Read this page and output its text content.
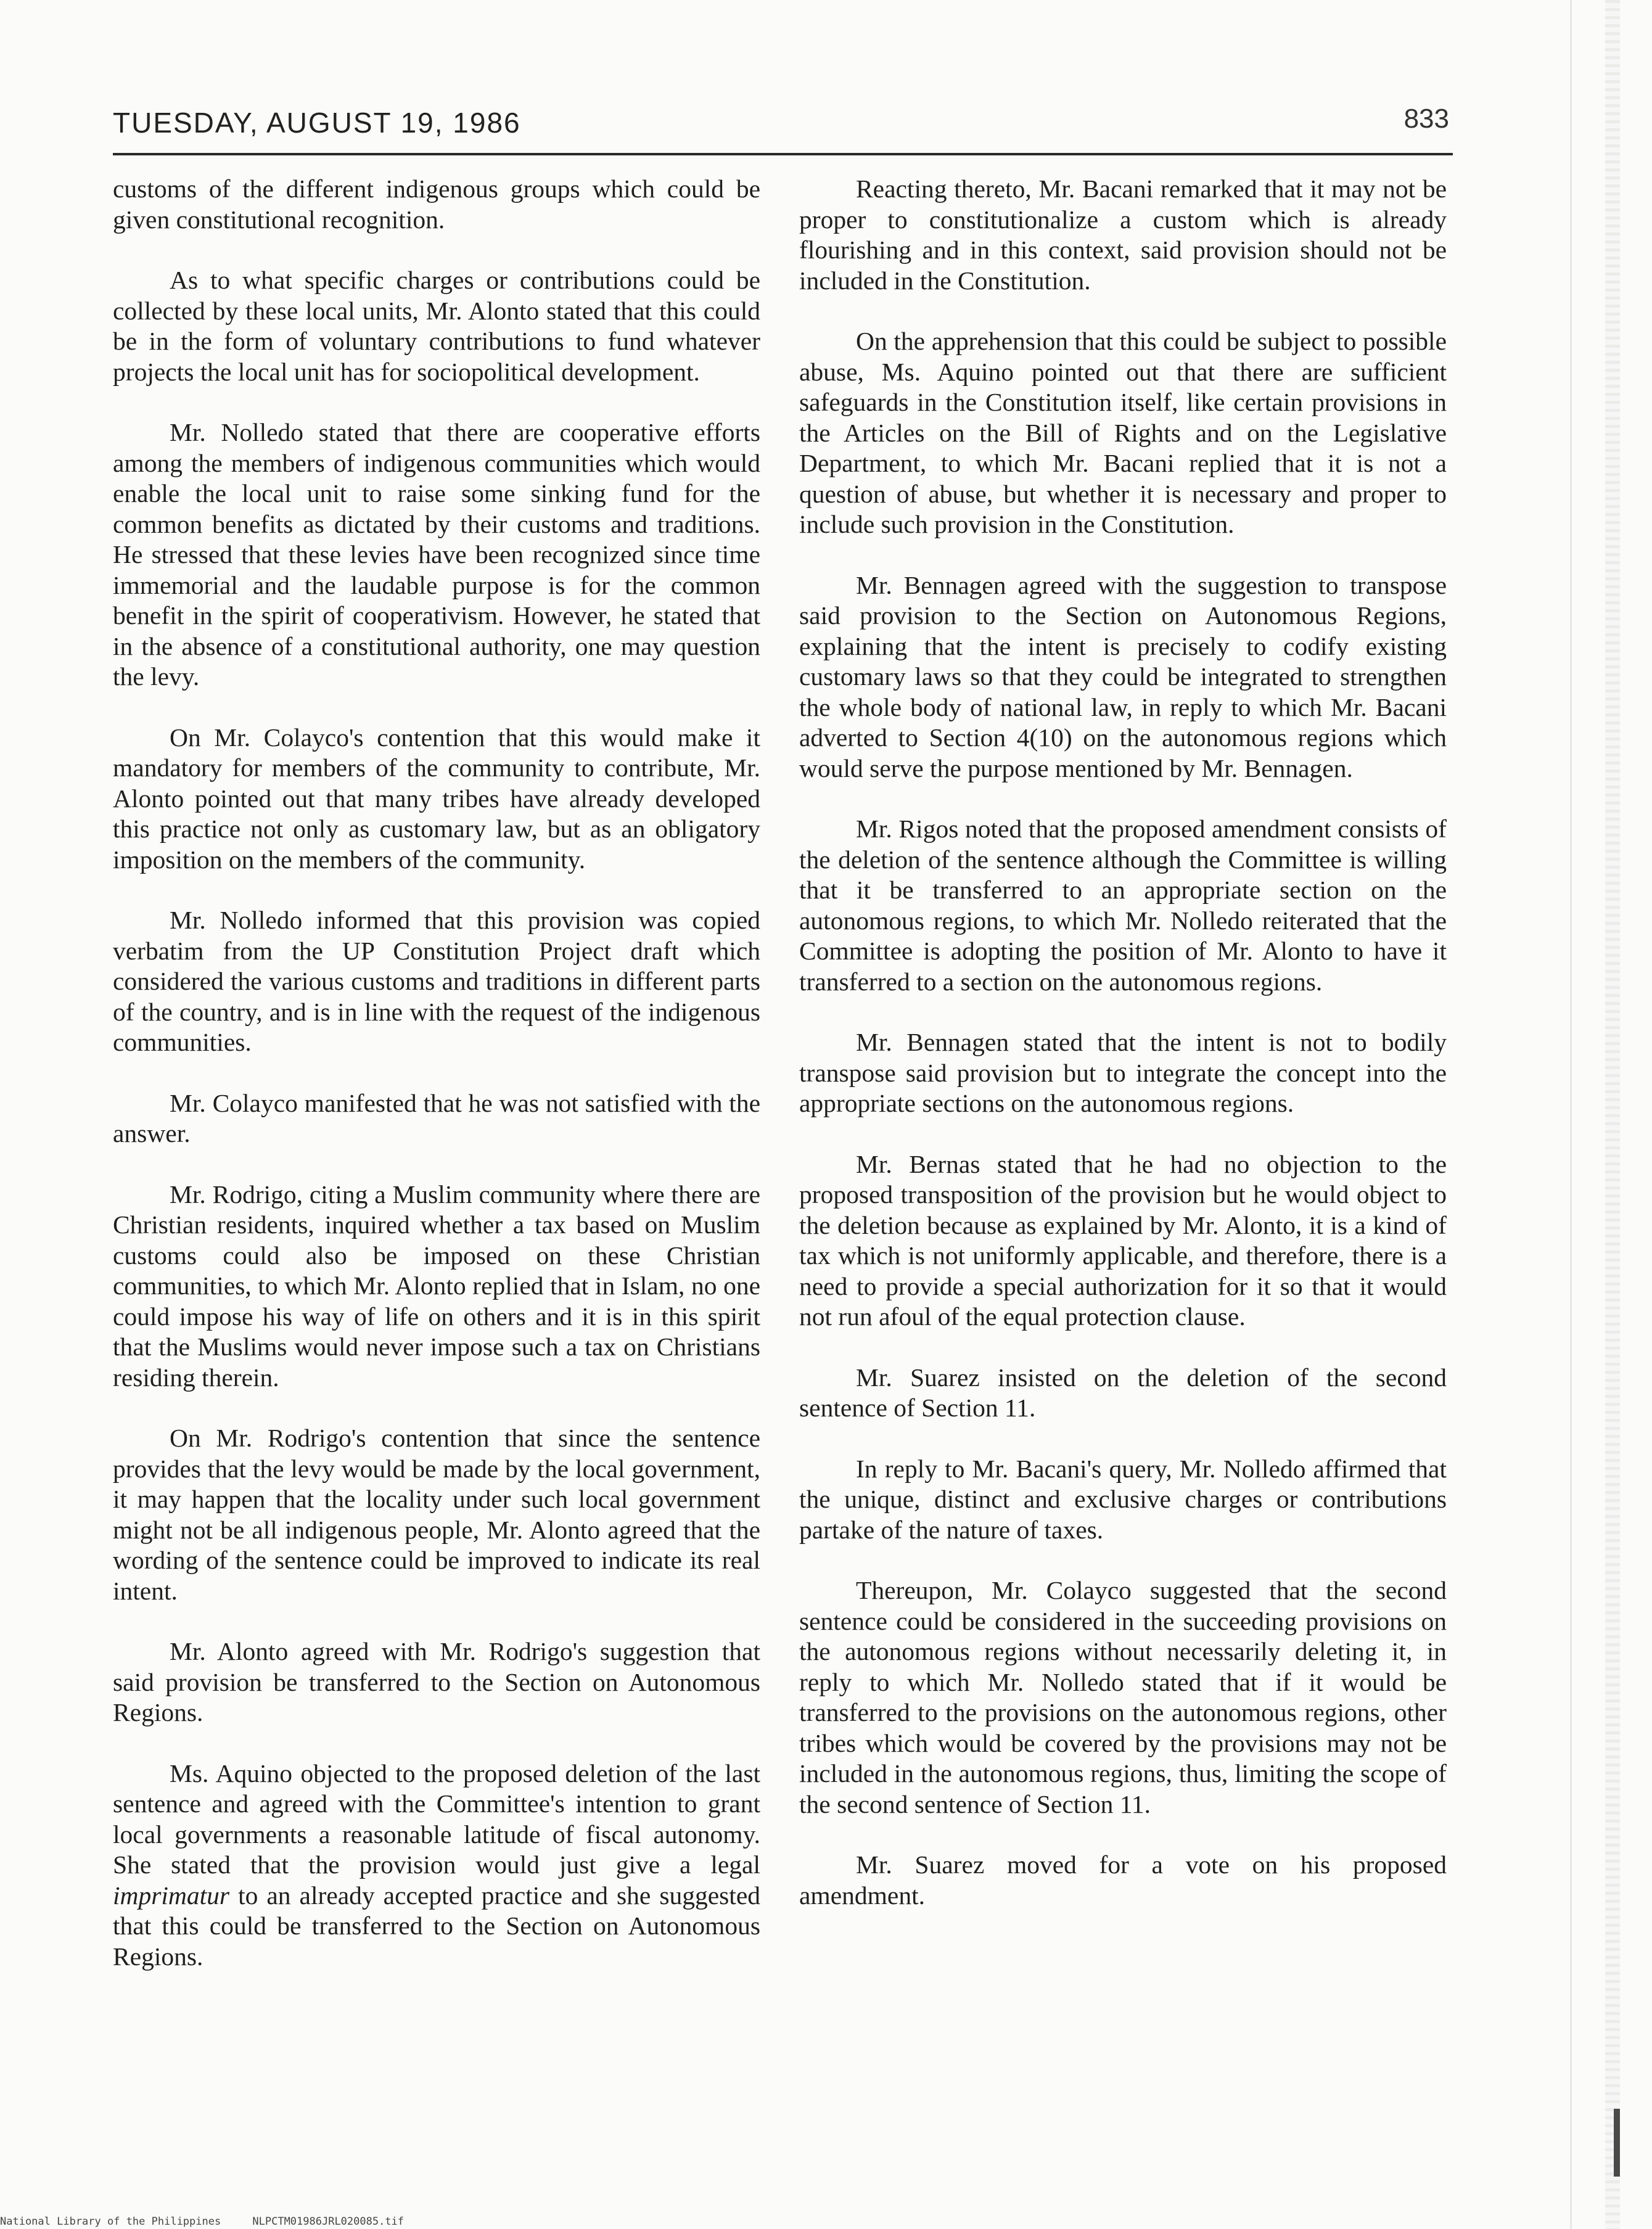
TUESDAY, AUGUST 19, 1986	833

customs of the different indigenous groups which could be given constitutional recognition.

As to what specific charges or contributions could be collected by these local units, Mr. Alonto stated that this could be in the form of voluntary contributions to fund whatever projects the local unit has for sociopolitical development.

Mr. Nolledo stated that there are cooperative efforts among the members of indigenous communities which would enable the local unit to raise some sinking fund for the common benefits as dictated by their customs and traditions. He stressed that these levies have been recognized since time immemorial and the laudable purpose is for the common benefit in the spirit of cooperativism. However, he stated that in the absence of a constitutional authority, one may question the levy.

On Mr. Colayco's contention that this would make it mandatory for members of the community to contribute, Mr. Alonto pointed out that many tribes have already developed this practice not only as customary law, but as an obligatory imposition on the members of the community.

Mr. Nolledo informed that this provision was copied verbatim from the UP Constitution Project draft which considered the various customs and traditions in different parts of the country, and is in line with the request of the indigenous communities.

Mr. Colayco manifested that he was not satisfied with the answer.

Mr. Rodrigo, citing a Muslim community where there are Christian residents, inquired whether a tax based on Muslim customs could also be imposed on these Christian communities, to which Mr. Alonto replied that in Islam, no one could impose his way of life on others and it is in this spirit that the Muslims would never impose such a tax on Christians residing therein.

On Mr. Rodrigo's contention that since the sentence provides that the levy would be made by the local government, it may happen that the locality under such local government might not be all indigenous people, Mr. Alonto agreed that the wording of the sentence could be improved to indicate its real intent.

Mr. Alonto agreed with Mr. Rodrigo's suggestion that said provision be transferred to the Section on Autonomous Regions.

Ms. Aquino objected to the proposed deletion of the last sentence and agreed with the Committee's intention to grant local governments a reasonable latitude of fiscal autonomy. She stated that the provision would just give a legal imprimatur to an already accepted practice and she suggested that this could be transferred to the Section on Autonomous Regions.

Reacting thereto, Mr. Bacani remarked that it may not be proper to constitutionalize a custom which is already flourishing and in this context, said provision should not be included in the Constitution.

On the apprehension that this could be subject to possible abuse, Ms. Aquino pointed out that there are sufficient safeguards in the Constitution itself, like certain provisions in the Articles on the Bill of Rights and on the Legislative Department, to which Mr. Bacani replied that it is not a question of abuse, but whether it is necessary and proper to include such provision in the Constitution.

Mr. Bennagen agreed with the suggestion to transpose said provision to the Section on Autonomous Regions, explaining that the intent is precisely to codify existing customary laws so that they could be integrated to strengthen the whole body of national law, in reply to which Mr. Bacani adverted to Section 4(10) on the autonomous regions which would serve the purpose mentioned by Mr. Bennagen.

Mr. Rigos noted that the proposed amendment consists of the deletion of the sentence although the Committee is willing that it be transferred to an appropriate section on the autonomous regions, to which Mr. Nolledo reiterated that the Committee is adopting the position of Mr. Alonto to have it transferred to a section on the autonomous regions.

Mr. Bennagen stated that the intent is not to bodily transpose said provision but to integrate the concept into the appropriate sections on the autonomous regions.

Mr. Bernas stated that he had no objection to the proposed transposition of the provision but he would object to the deletion because as explained by Mr. Alonto, it is a kind of tax which is not uniformly applicable, and therefore, there is a need to provide a special authorization for it so that it would not run afoul of the equal protection clause.

Mr. Suarez insisted on the deletion of the second sentence of Section 11.

In reply to Mr. Bacani's query, Mr. Nolledo affirmed that the unique, distinct and exclusive charges or contributions partake of the nature of taxes.

Thereupon, Mr. Colayco suggested that the second sentence could be considered in the succeeding provisions on the autonomous regions without necessarily deleting it, in reply to which Mr. Nolledo stated that if it would be transferred to the provisions on the autonomous regions, other tribes which would be covered by the provisions may not be included in the autonomous regions, thus, limiting the scope of the second sentence of Section 11.

Mr. Suarez moved for a vote on his proposed amendment.

National Library of the Philippines     NLPCTM01986JRL020085.tif
